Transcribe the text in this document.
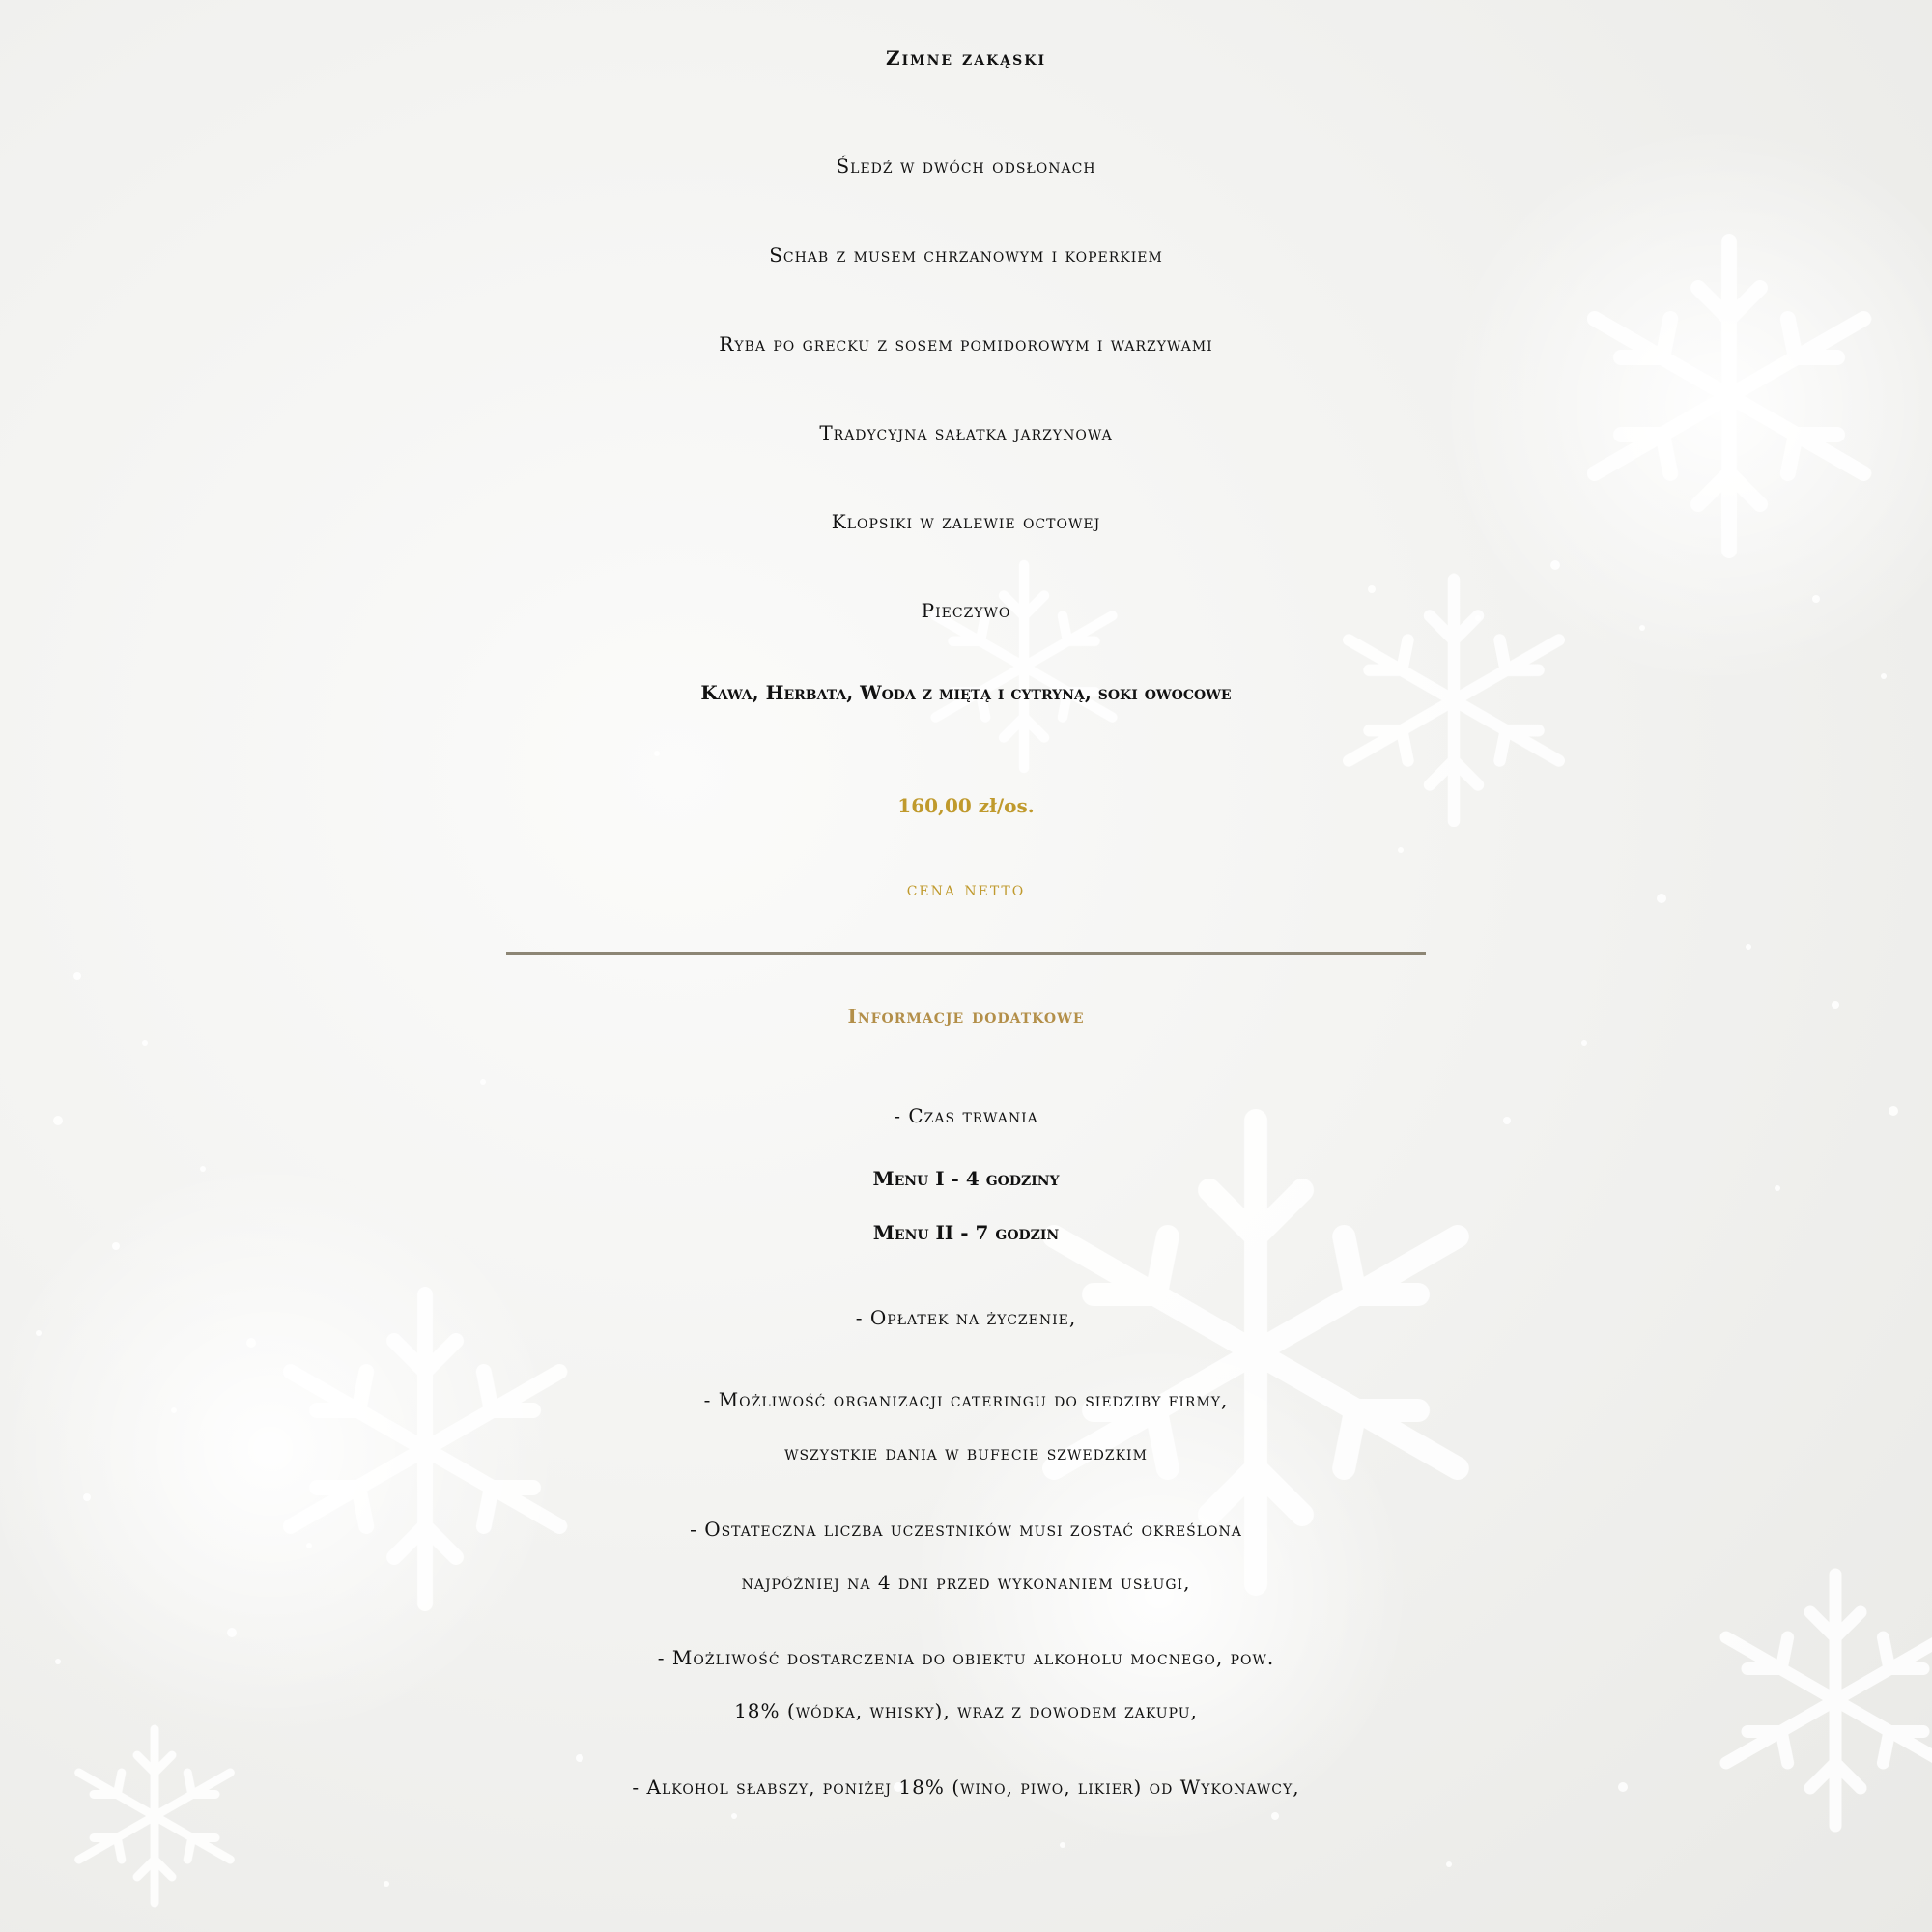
Zimne zakąski
Śledź w dwóch odsłonach
Schab z musem chrzanowym i koperkiem
Ryba po grecku z sosem pomidorowym i warzywami
Tradycyjna sałatka jarzynowa
Klopsiki w zalewie octowej
Pieczywo
Kawa, Herbata, Woda z miętą i cytryną, soki owocowe
160,00 zł/os.
cena netto
Informacje dodatkowe
- Czas trwania
Menu I - 4 godziny
Menu II - 7 godzin
- Opłatek na życzenie,
- Możliwość organizacji cateringu do siedziby firmy,
wszystkie dania w bufecie szwedzkim
- Ostateczna liczba uczestników musi zostać określona
najpóźniej na 4 dni przed wykonaniem usługi,
- Możliwość dostarczenia do obiektu alkoholu mocnego, pow.
18% (wódka, whisky), wraz z dowodem zakupu,
- Alkohol słabszy, poniżej 18% (wino, piwo, likier) od Wykonawcy,
